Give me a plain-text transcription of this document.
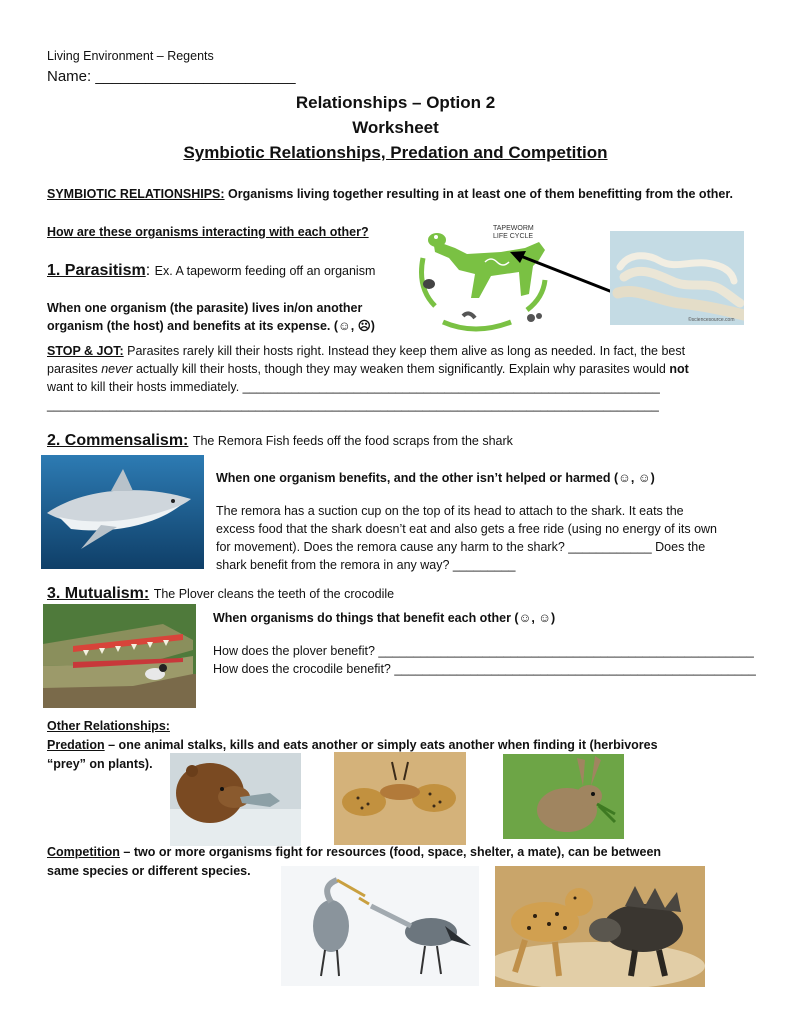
Living Environment – Regents
Name: ________________________
Relationships – Option 2
Worksheet
Symbiotic Relationships, Predation and Competition
SYMBIOTIC RELATIONSHIPS: Organisms living together resulting in at least one of them benefitting from the other.
How are these organisms interacting with each other?
1. Parasitism: Ex. A tapeworm feeding off an organism
When one organism (the parasite) lives in/on another
organism (the host) and benefits at its expense. (☺, ☹)
TAPEWORM
LIFE CYCLE
©sciencesource.com
STOP & JOT: Parasites rarely kill their hosts right. Instead they keep them alive as long as needed. In fact, the best
parasites never actually kill their hosts, though they may weaken them significantly. Explain why parasites would not
want to kill their hosts immediately. ____________________________________________________________
________________________________________________________________________________________
2. Commensalism: The Remora Fish feeds off the food scraps from the shark
When one organism benefits, and the other isn’t helped or harmed (☺, ☺)
The remora has a suction cup on the top of its head to attach to the shark. It eats the
excess food that the shark doesn’t eat and also gets a free ride (using no energy of its own
for movement). Does the remora cause any harm to the shark? ____________ Does the
shark benefit from the remora in any way? _________
3. Mutualism: The Plover cleans the teeth of the crocodile
When organisms do things that benefit each other (☺, ☺)
How does the plover benefit? ______________________________________________________
How does the crocodile benefit? ____________________________________________________
Other Relationships:
Predation – one animal stalks, kills and eats another or simply eats another when finding it (herbivores
“prey” on plants).
Competition – two or more organisms fight for resources (food, space, shelter, a mate), can be between
same species or different species.
